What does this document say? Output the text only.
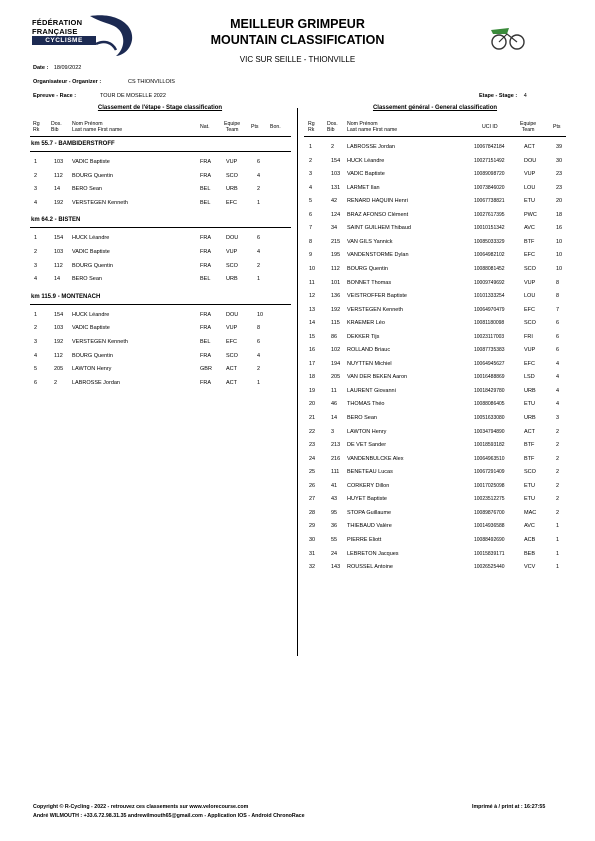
FÉDÉRATION
FRANÇAISE
CYCLISME
MEILLEUR GRIMPEUR
MOUNTAIN CLASSIFICATION
VIC SUR SEILLE - THIONVILLE
Date : 18/09/2022
Organisateur - Organizer :	CS THIONVILLOIS
Epreuve - Race :	TOUR DE MOSELLE 2022	Etape - Stage : 4
Classement de l'étape - Stage classification
Rg
Rk
Dos.
Bib
Nom Prénom
Last name First name
Nat.	Equipe
Team
Pts Bon.
km 55.7 - BAMBIDERSTROFF
1	103 VADIC Baptiste	FRA	VUP	6
2	112 BOURG Quentin	FRA	SCO	4
3	14 BERO Sean	BEL	URB	2
4	192 VERSTEGEN Kenneth	BEL	EFC	1
km 64.2 - BISTEN
1	154 HUCK Léandre	FRA	DOU	6
2	103 VADIC Baptiste	FRA	VUP	4
3	112 BOURG Quentin	FRA	SCO	2
4	14 BERO Sean	BEL	URB	1
km 115.9 - MONTENACH
1	154 HUCK Léandre	FRA	DOU	10
2	103 VADIC Baptiste	FRA	VUP	8
3	192 VERSTEGEN Kenneth	BEL	EFC	6
4	112 BOURG Quentin	FRA	SCO	4
5	205 LAWTON Henry	GBR	ACT	2
6	2	LABROSSE Jordan	FRA	ACT	1
Classement général - General classification
Rg
Rk
Dos.
Bib
Nom Prénom
Last name First name
UCI ID	Equipe
Team
Pts
1	2 LABROSSE Jordan	10067842184	ACT	39
2	154 HUCK Léandre	10027151492	DOU	30
3	103 VADIC Baptiste	10089098720	VUP	23
4	131 LARMET Ilan	10073846020	LOU	23
5	42 RENARD HAQUIN Henri	10067738821	ETU	20
6	124 BRAZ AFONSO Clément	10027617395	PWC	18
7	34 SAINT GUILHEM Thibaud	10010151342	AVC	16
8	215 VAN GILS Yannick	10085033329	BTF	10
9	195 VANDENSTORME Dylan	10064982102	EFC	10
10	112 BOURG Quentin	10088081452	SCO	10
11	101 BONNET Thomas	10009749692	VUP	8
12	136 VEISTROFFER Baptiste	10101333254	LOU	8
13	192 VERSTEGEN Kenneth	10064970479	EFC	7
14	115 KRAEMER Léo	10081180098	SCO	6
15	86 DEKKER Tijs	10023117003	FRI	6
16	102 ROLLAND Briauc	10087735383	VUP	6
17	194 NUYTTEN Michiel	10064945627	EFC	4
18	205 VAN DER BEKEN Aaron	10016488869	LSD	4
19	11 LAURENT Giovanni	10018429780	URB	4
20	46 THOMAS Théo	10088086405	ETU	4
21	14 BERO Sean	10051633080	URB	3
22	3 LAWTON Henry	10034794890	ACT	2
23	213 DE VET Sander	10018593182	BTF	2
24	216 VANDENBULCKE Alex	10064963510	BTF	2
25	111 BENETEAU Lucas	10067291409	SCO	2
26	41 CORKERY Dillon	10017025098	ETU	2
27	43 HUYET Baptiste	10023512275	ETU	2
28	95 STOPA Guillaume	10089876700	MAC	2
29	36 THIEBAUD Valère	10014936588	AVC	1
30	55 PIERRE Eliott	10088492690	ACB	1
31	24 LEBRETON Jacques	10015839171	BEB	1
32	143 ROUSSEL Antoine	10026525440	VCV	1
Copyright © R-Cycling - 2022 - retrouvez ces classements sur www.velorecourse.com
André WILMOUTH : +33.6.72.98.31.35 andrewilmouth65@gmail.com - Application IOS - Android ChronoRace
Imprimé à / print at : 16:27:55
